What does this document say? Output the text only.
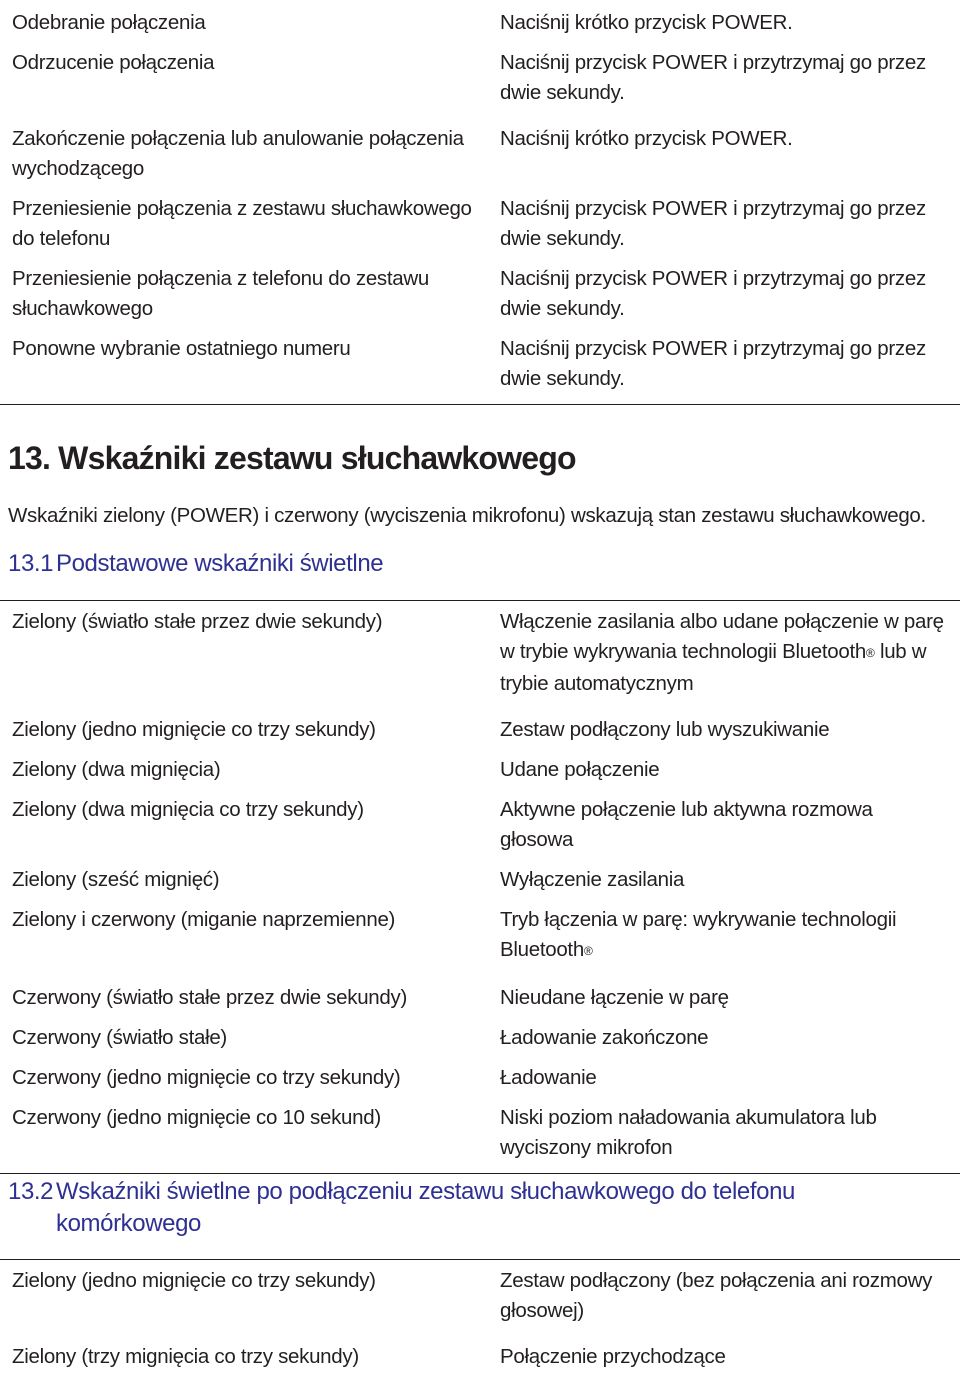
Odebranie połączenia	Naciśnij krótko przycisk POWER.
Odrzucenie połączenia	Naciśnij przycisk POWER i przytrzymaj go przez dwie sekundy.
Zakończenie połączenia lub anulowanie połączenia wychodzącego	Naciśnij krótko przycisk POWER.
Przeniesienie połączenia z zestawu słuchawkowego do telefonu	Naciśnij przycisk POWER i przytrzymaj go przez dwie sekundy.
Przeniesienie połączenia z telefonu do zestawu słuchawkowego	Naciśnij przycisk POWER i przytrzymaj go przez dwie sekundy.
Ponowne wybranie ostatniego numeru	Naciśnij przycisk POWER i przytrzymaj go przez dwie sekundy.
13. Wskaźniki zestawu słuchawkowego

Wskaźniki zielony (POWER) i czerwony (wyciszenia mikrofonu) wskazują stan zestawu słuchawkowego.

13.1 Podstawowe wskaźniki świetlne
Zielony (światło stałe przez dwie sekundy)	Włączenie zasilania albo udane połączenie w parę w trybie wykrywania technologii Bluetooth® lub w trybie automatycznym
Zielony (jedno mignięcie co trzy sekundy)	Zestaw podłączony lub wyszukiwanie
Zielony (dwa mignięcia)	Udane połączenie
Zielony (dwa mignięcia co trzy sekundy)	Aktywne połączenie lub aktywna rozmowa głosowa
Zielony (sześć mignięć)	Wyłączenie zasilania
Zielony i czerwony (miganie naprzemienne)	Tryb łączenia w parę: wykrywanie technologii Bluetooth®
Czerwony (światło stałe przez dwie sekundy)	Nieudane łączenie w parę
Czerwony (światło stałe)	Ładowanie zakończone
Czerwony (jedno mignięcie co trzy sekundy)	Ładowanie
Czerwony (jedno mignięcie co 10 sekund)	Niski poziom naładowania akumulatora lub wyciszony mikrofon
13.2 Wskaźniki świetlne po podłączeniu zestawu słuchawkowego do telefonu komórkowego
Zielony (jedno mignięcie co trzy sekundy)	Zestaw podłączony (bez połączenia ani rozmowy głosowej)
Zielony (trzy mignięcia co trzy sekundy)	Połączenie przychodzące
